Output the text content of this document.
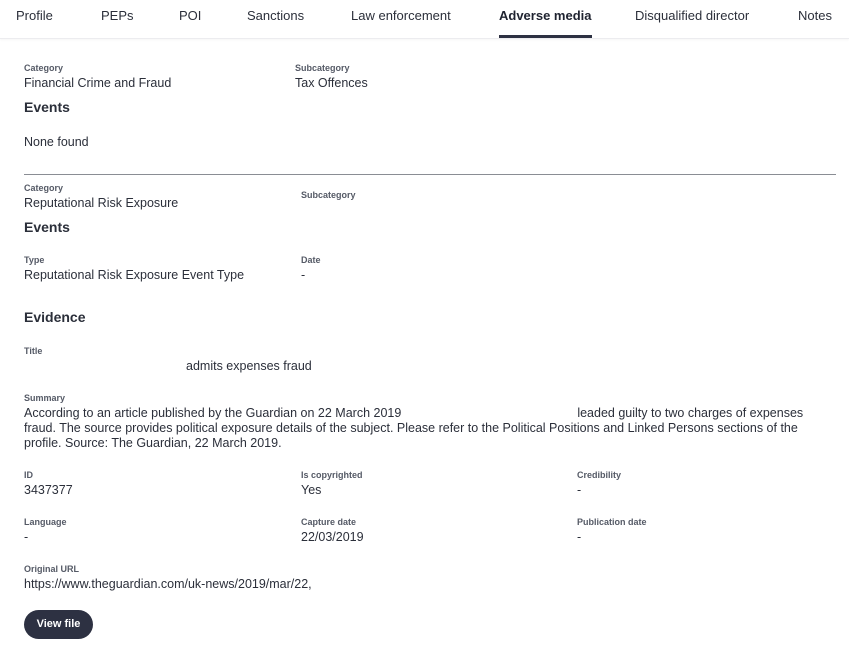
Profile	PEPs	POI	Sanctions	Law enforcement	Adverse media	Disqualified director	Notes
Category
Financial Crime and Fraud
Subcategory
Tax Offences
Events
None found
Category
Reputational Risk Exposure
Subcategory
Events
Type
Reputational Risk Exposure Event Type
Date
-
Evidence
Title
admits expenses fraud
Summary
According to an article published by the Guardian on 22 March 2019	leaded guilty to two charges of expenses fraud. The source provides political exposure details of the subject. Please refer to the Political Positions and Linked Persons sections of the profile. Source: The Guardian, 22 March 2019.
ID
3437377
Is copyrighted
Yes
Credibility
-
Language
-
Capture date
22/03/2019
Publication date
-
Original URL
https://www.theguardian.com/uk-news/2019/mar/22,
View file
